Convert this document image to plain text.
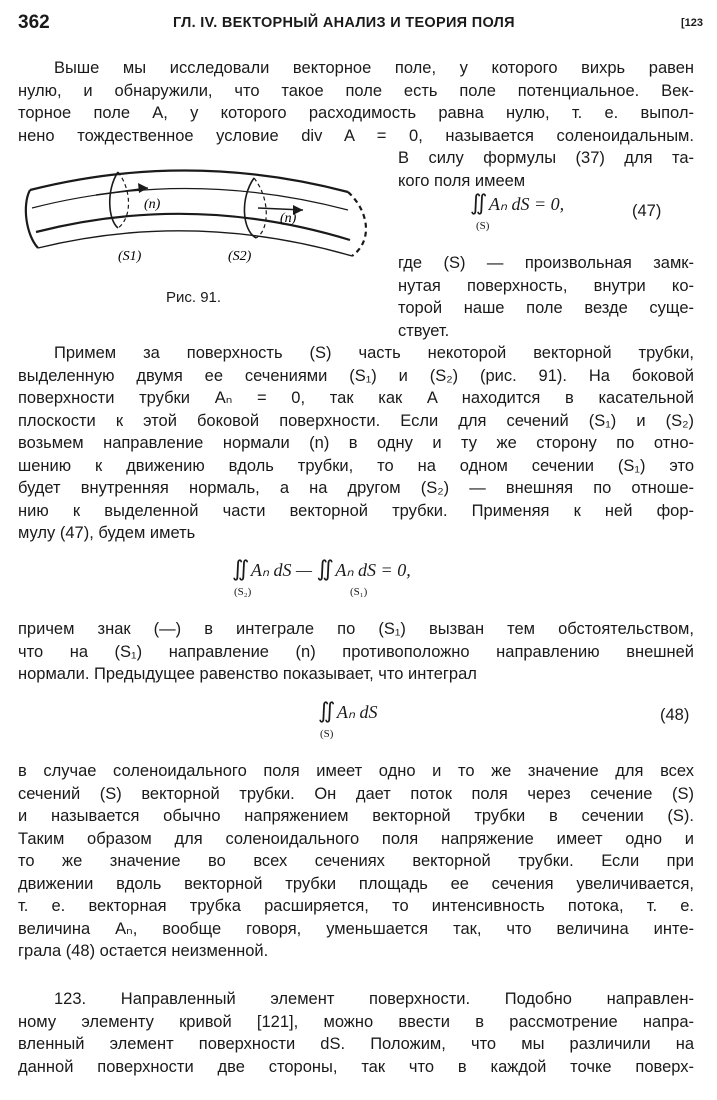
362	ГЛ. IV. ВЕКТОРНЫЙ АНАЛИЗ И ТЕОРИЯ ПОЛЯ	[123
Выше мы исследовали векторное поле, у которого вихрь равен
нулю, и обнаружили, что такое поле есть поле потенциальное. Век-
торное поле A, у которого расходимость равна нулю, т. е. выпол-
нено тождественное условие div A = 0, называется соленоидальным.
(n)
(n)
(S1)	(S2)
Рис. 91.
В силу формулы (37) для та-
кого поля имеем
∬ Aₙ dS = 0,
(S)
(47)
где (S) — произвольная замк-
нутая поверхность, внутри ко-
торой наше поле везде суще-
ствует.
Примем за поверхность (S) часть некоторой векторной трубки,
выделенную двумя ее сечениями (S₁) и (S₂) (рис. 91). На боковой
поверхности трубки Aₙ = 0, так как A находится в касательной
плоскости к этой боковой поверхности. Если для сечений (S₁) и (S₂)
возьмем направление нормали (n) в одну и ту же сторону по отно-
шению к движению вдоль трубки, то на одном сечении (S₁) это
будет внутренняя нормаль, а на другом (S₂) — внешняя по отноше-
нию к выделенной части векторной трубки. Применяя к ней фор-
мулу (47), будем иметь
∬ Aₙ dS — ∬ Aₙ dS = 0,
(S₂)	(S₁)
причем знак (—) в интеграле по (S₁) вызван тем обстоятельством,
что на (S₁) направление (n) противоположно направлению внешней
нормали. Предыдущее равенство показывает, что интеграл
∬ Aₙ dS
(S)
(48)
в случае соленоидального поля имеет одно и то же значение для всех
сечений (S) векторной трубки. Он дает поток поля через сечение (S)
и называется обычно напряжением векторной трубки в сечении (S).
Таким образом для соленоидального поля напряжение имеет одно и
то же значение во всех сечениях векторной трубки. Если при
движении вдоль векторной трубки площадь ее сечения увеличивается,
т. е. векторная трубка расширяется, то интенсивность потока, т. е.
величина Aₙ, вообще говоря, уменьшается так, что величина инте-
грала (48) остается неизменной.
123. Направленный элемент поверхности. Подобно направлен-
ному элементу кривой [121], можно ввести в рассмотрение напра-
вленный элемент поверхности dS. Положим, что мы различили на
данной поверхности две стороны, так что в каждой точке поверх-
